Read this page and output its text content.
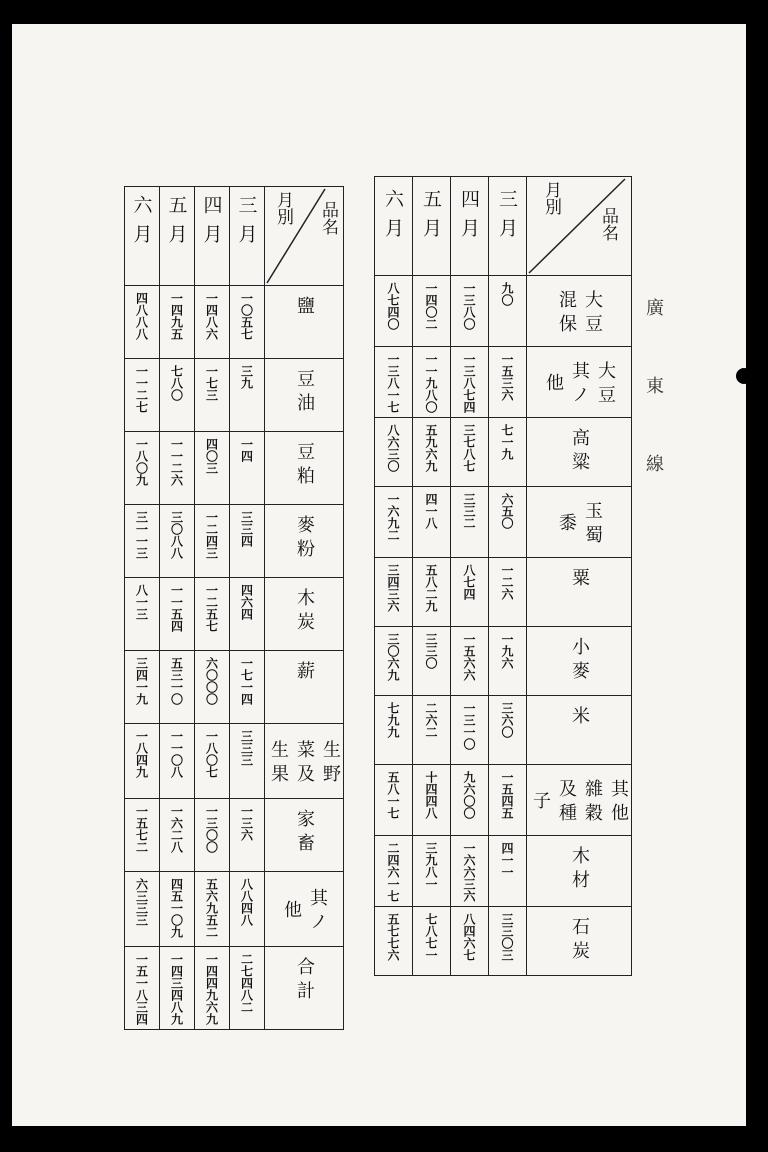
廣東線
六月	五月	四月	三月	品名
月別

四八八八	一四九五	一四八六	一〇五七	鹽
一一二七	七八〇	一七三	三九	豆油
一八〇九	一一二六	四〇三	一四	豆粕
三一一三	三〇八八	一二四三	三三四	麥粉
八一三	一一五四	一二五七	四六四	木炭
三四一九	五三一〇	六〇〇〇	一七一四	薪
一八四九	一一〇八	一八〇七	三三三	生野菜及生果
一五七二	一六二八	一三〇〇	一三六	家畜
六三三三	四五一〇九	五六九五二	八八四八	其ノ他
一五一八三四	一四三四八九	一四四九六九	二七四八二	合計
六月	五月	四月	三月	品名
月別

八七四〇	一四〇二	一三八〇	九〇	大豆 混保
一三八一七	一一九八〇	一三八七四	一五三六	大豆 其ノ他
八六三〇	五九六九	三七八七	七一九	高粱
一六九二	四一八	三三二	六五〇	玉蜀黍
三四三六	五八二九	八七四	一二六	粟
三〇六九	三三〇	一五六六	一九六	小麥
七九九	二六二	一三一〇	三六〇	米
五八一七	十四四八	九六〇〇	一五四五	其他雜穀及種子
二四六一七	三九八一	一六六三六	四一一	木材
五七七六	七八七一	八四六七	三三〇三	石炭
